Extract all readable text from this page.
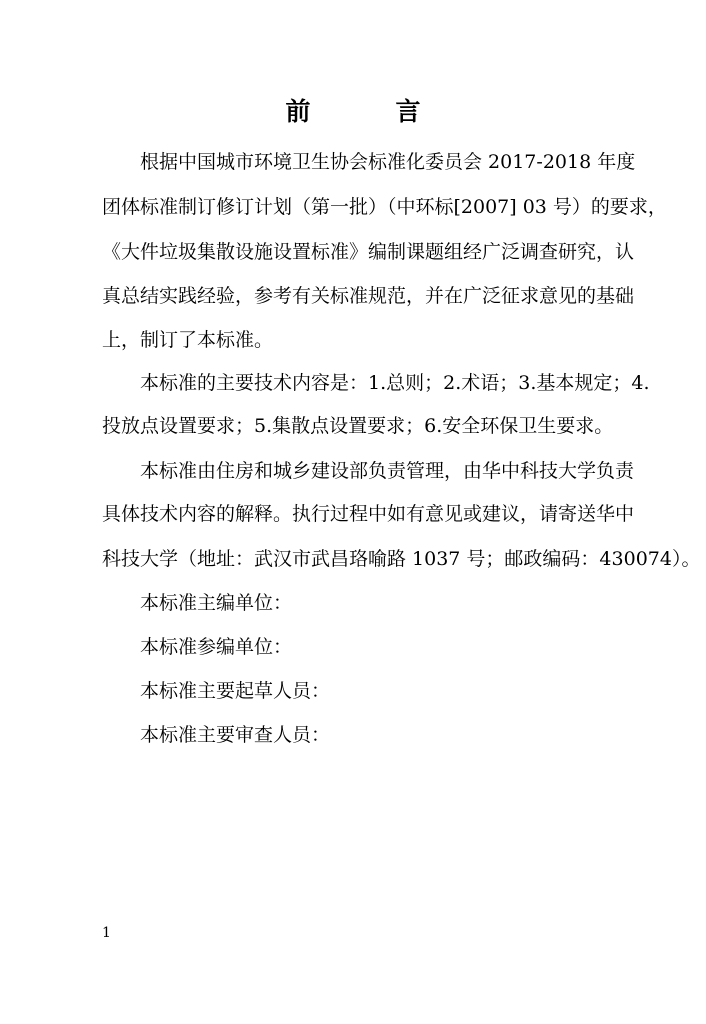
前　言
根据中国城市环境卫生协会标准化委员会 2017-2018 年度
团体标准制订修订计划（第一批）（中环标[2007] 03 号）的要求，
《大件垃圾集散设施设置标准》编制课题组经广泛调查研究，认
真总结实践经验，参考有关标准规范，并在广泛征求意见的基础
上，制订了本标准。
本标准的主要技术内容是：1.总则；2.术语；3.基本规定；4.
投放点设置要求；5.集散点设置要求；6.安全环保卫生要求。
本标准由住房和城乡建设部负责管理，由华中科技大学负责
具体技术内容的解释。执行过程中如有意见或建议，请寄送华中
科技大学（地址：武汉市武昌珞喻路 1037 号；邮政编码：430074）。
本标准主编单位：
本标准参编单位：
本标准主要起草人员：
本标准主要审查人员：
1
